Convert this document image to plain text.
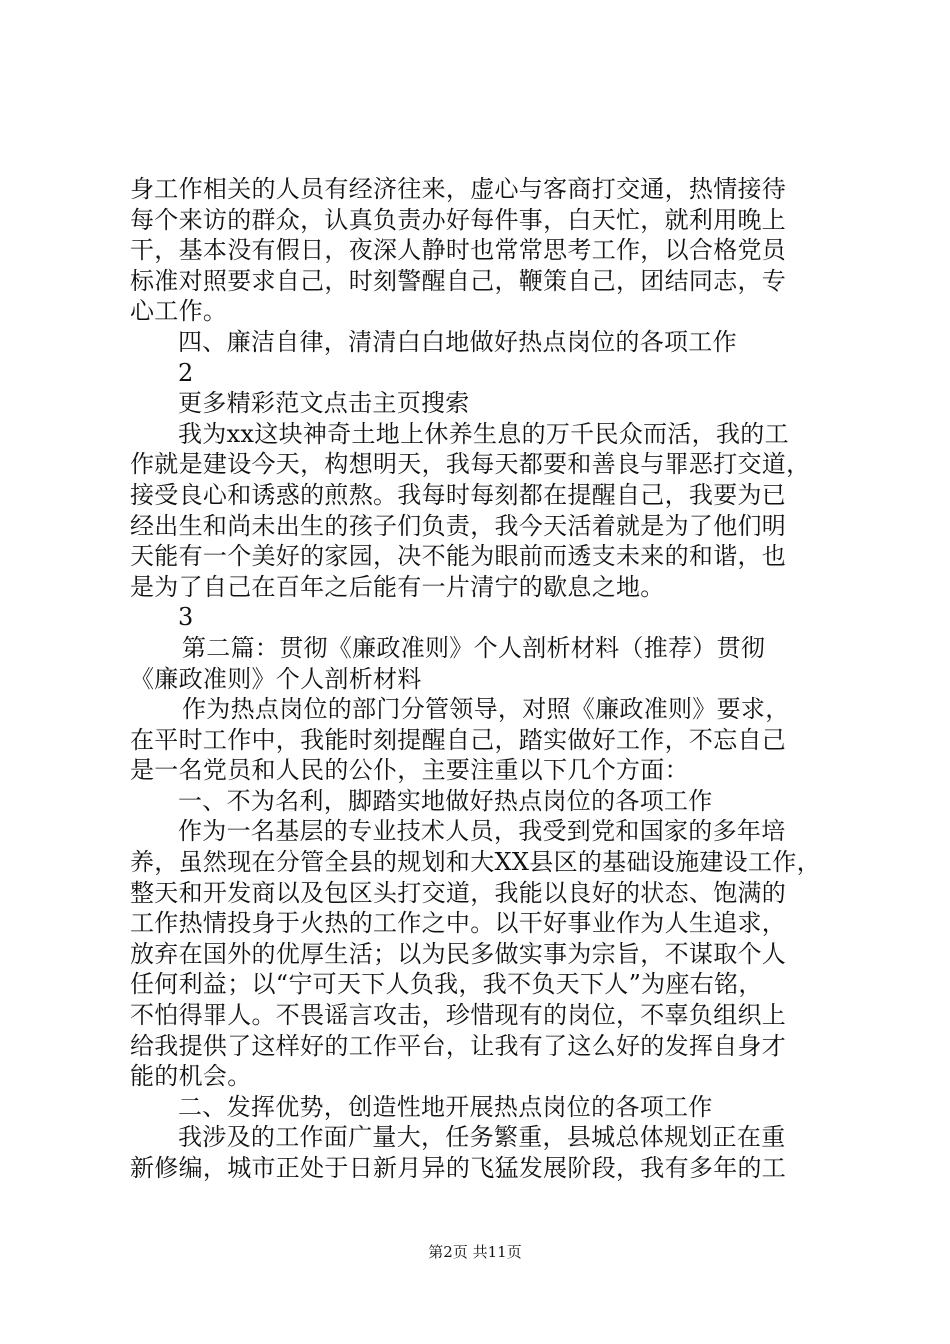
身工作相关的人员有经济往来，虚心与客商打交通，热情接待
每个来访的群众，认真负责办好每件事，白天忙，就利用晚上
干，基本没有假日，夜深人静时也常常思考工作，以合格党员
标准对照要求自己，时刻警醒自己，鞭策自己，团结同志，专
心工作。
四、廉洁自律，清清白白地做好热点岗位的各项工作
2
更多精彩范文点击主页搜索
我为xx这块神奇土地上休养生息的万千民众而活，我的工
作就是建设今天，构想明天，我每天都要和善良与罪恶打交道，
接受良心和诱惑的煎熬。我每时每刻都在提醒自己，我要为已
经出生和尚未出生的孩子们负责，我今天活着就是为了他们明
天能有一个美好的家园，决不能为眼前而透支未来的和谐，也
是为了自己在百年之后能有一片清宁的歇息之地。
3
第二篇：贯彻《廉政准则》个人剖析材料（推荐）贯彻
《廉政准则》个人剖析材料
作为热点岗位的部门分管领导，对照《廉政准则》要求，
在平时工作中，我能时刻提醒自己，踏实做好工作，不忘自己
是一名党员和人民的公仆，主要注重以下几个方面：
一、不为名利，脚踏实地做好热点岗位的各项工作
作为一名基层的专业技术人员，我受到党和国家的多年培
养，虽然现在分管全县的规划和大XX县区的基础设施建设工作，
整天和开发商以及包区头打交道，我能以良好的状态、饱满的
工作热情投身于火热的工作之中。以干好事业作为人生追求，
放弃在国外的优厚生活；以为民多做实事为宗旨，不谋取个人
任何利益；以“宁可天下人负我，我不负天下人”为座右铭，
不怕得罪人。不畏谣言攻击，珍惜现有的岗位，不辜负组织上
给我提供了这样好的工作平台，让我有了这么好的发挥自身才
能的机会。
二、发挥优势，创造性地开展热点岗位的各项工作
我涉及的工作面广量大，任务繁重，县城总体规划正在重
新修编，城市正处于日新月异的飞猛发展阶段，我有多年的工
第2页 共11页
